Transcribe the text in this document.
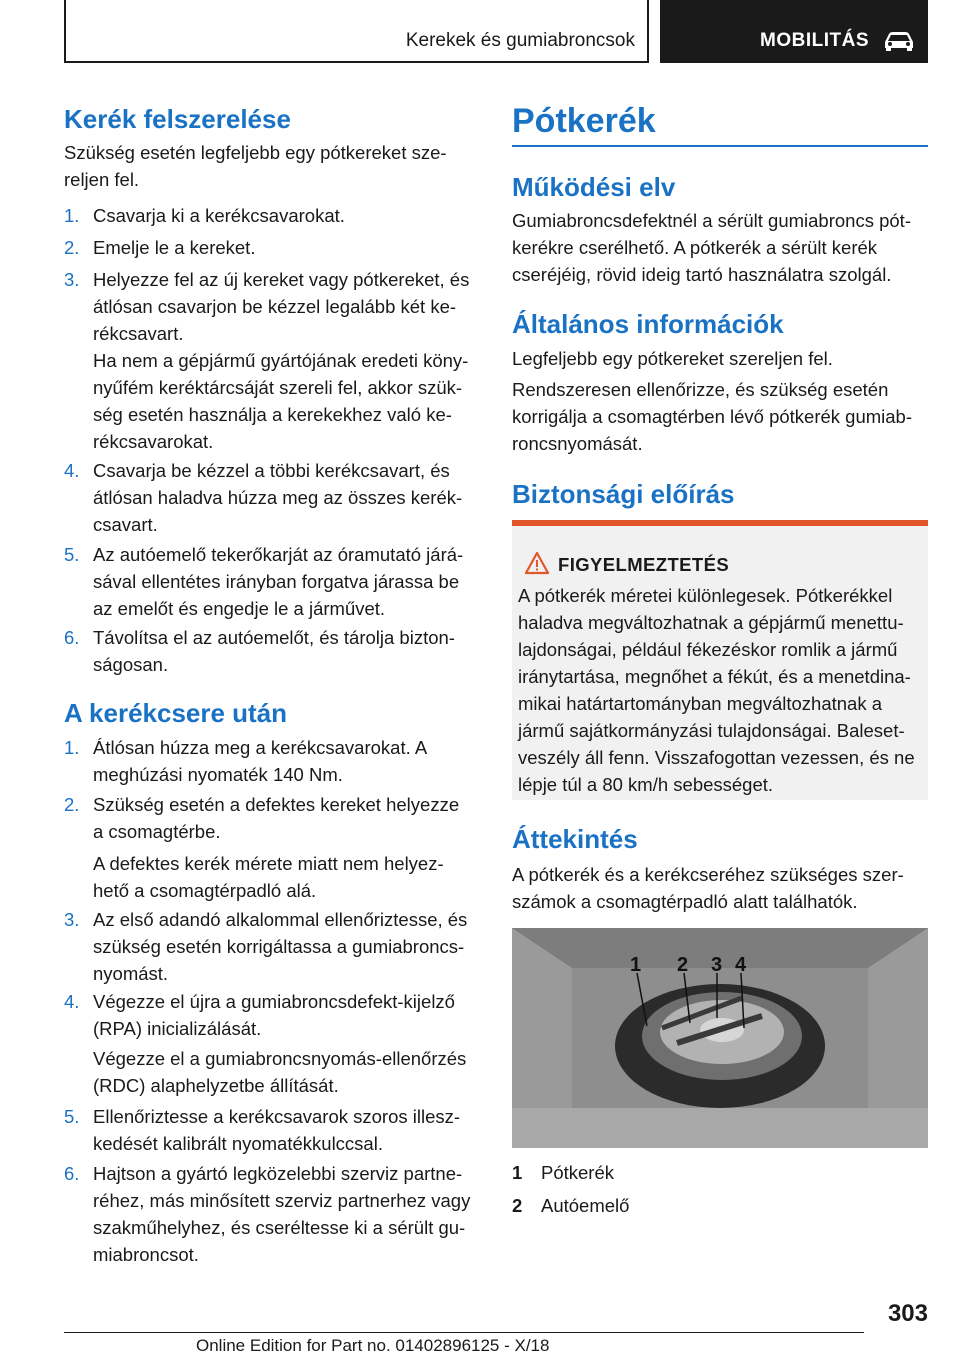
Kerekek és gumiabroncsok	MOBILITÁS
Kerék felszerelése
Szükség esetén legfeljebb egy pótkereket sze-
reljen fel.
1. Csavarja ki a kerékcsavarokat.
2. Emelje le a kereket.
3. Helyezze fel az új kereket vagy pótkereket, és
átlósan csavarjon be kézzel legalább két ke-
rékcsavart.
Ha nem a gépjármű gyártójának eredeti köny-
nyűfém keréktárcsáját szereli fel, akkor szük-
ség esetén használja a kerekekhez való ke-
rékcsavarokat.
4. Csavarja be kézzel a többi kerékcsavart, és
átlósan haladva húzza meg az összes kerék-
csavart.
5. Az autóemelő tekerőkarját az óramutató járá-
sával ellentétes irányban forgatva járassa be
az emelőt és engedje le a járművet.
6. Távolítsa el az autóemelőt, és tárolja bizton-
ságosan.
A kerékcsere után
1. Átlósan húzza meg a kerékcsavarokat. A
meghúzási nyomaték 140 Nm.
2. Szükség esetén a defektes kereket helyezze
a csomagtérbe.
A defektes kerék mérete miatt nem helyez-
hető a csomagtérpadló alá.
3. Az első adandó alkalommal ellenőriztesse, és
szükség esetén korrigáltassa a gumiabroncs-
nyomást.
4. Végezze el újra a gumiabroncsdefekt-kijelző
(RPA) inicializálását.
Végezze el a gumiabroncsnyomás-ellenőrzés
(RDC) alaphelyzetbe állítását.
5. Ellenőriztesse a kerékcsavarok szoros illesz-
kedését kalibrált nyomatékkulccsal.
6. Hajtson a gyártó legközelebbi szerviz partne-
réhez, más minősített szerviz partnerhez vagy
szakműhelyhez, és cseréltesse ki a sérült gu-
miabroncsot.
Pótkerék
Működési elv
Gumiabroncsdefektnél a sérült gumiabroncs pót-
kerékre cserélhető. A pótkerék a sérült kerék
cseréjéig, rövid ideig tartó használatra szolgál.
Általános információk
Legfeljebb egy pótkereket szereljen fel.
Rendszeresen ellenőrizze, és szükség esetén
korrigálja a csomagtérben lévő pótkerék gumiab-
roncsnyomását.
Biztonsági előírás
FIGYELMEZTETÉS
A pótkerék méretei különlegesek. Pótkerékkel
haladva megváltozhatnak a gépjármű menettu-
lajdonságai, például fékezéskor romlik a jármű
iránytartása, megnőhet a fékút, és a menetdina-
mikai határtartományban megváltozhatnak a
jármű sajátkormányzási tulajdonságai. Baleset-
veszély áll fenn. Visszafogottan vezessen, és ne
lépje túl a 80 km/h sebességet.
Áttekintés
A pótkerék és a kerékcseréhez szükséges szer-
számok a csomagtérpadló alatt találhatók.
1 2 3 4
1 Pótkerék
2 Autóemelő
303
Online Edition for Part no. 01402896125 - X/18
